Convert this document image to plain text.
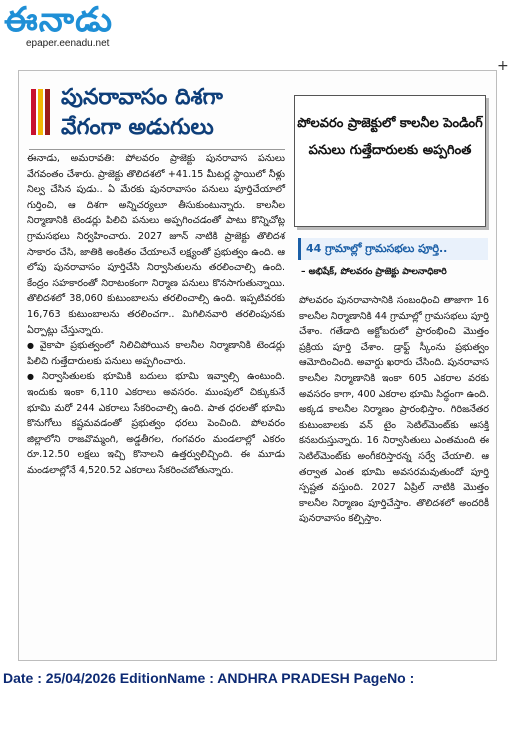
ఈనాడు
epaper.eenadu.net
+
పునరావాసం దిశగా
వేగంగా అడుగులు

ఈనాడు, అమరావతి: పోలవరం ప్రాజెక్టు పునరావాస పనులు వేగవంతం చేశారు. ప్రాజెక్టు తొలిదశలో +41.15 మీటర్ల స్థాయిలో నీళ్లు నిల్వ చేసిన పుడు.. ఏ మేరకు పునరావాసం పనులు పూర్తిచేయాలో గుర్తించి, ఆ దిశగా అన్నిచర్యలూ తీసుకుంటున్నారు. కాలనీల నిర్మాణానికి టెండర్లు పిలిచి పనులు అప్పగించడంతో పాటు కొన్నిచోట్ల గ్రామసభలు నిర్వహించారు. 2027 జూన్ నాటికి ప్రాజెక్టు తొలిదశ సాకారం చేసి, జాతికి అంకితం చేయాలనే లక్ష్యంతో ప్రభుత్వం ఉంది. ఆ లోపు పునరావాసం పూర్తిచేసి నిర్వాసితులను తరలించాల్సి ఉంది. కేంద్రం సహకారంతో నిరాటంకంగా నిర్మాణ పనులు కొనసాగుతున్నాయి. తొలిదశలో 38,060 కుటుంబాలను తరలించాల్సి ఉంది. ఇప్పటివరకు 16,763 కుటుంబాలను తరలించగా.. మిగిలినవారి తరలింపునకు ఏర్పాట్లు చేస్తున్నారు.

● వైకాపా ప్రభుత్వంలో నిలిచిపోయిన కాలనీల నిర్మాణానికి టెండర్లు పిలిచి గుత్తేదారులకు పనులు అప్పగించారు.

● నిర్వాసితులకు భూమికి బదులు భూమి ఇవ్వాల్సి ఉంటుంది. ఇందుకు ఇంకా 6,110 ఎకరాలు అవసరం. ముంపులో చిక్కుకునే భూమి మరో 244 ఎకరాలు సేకరించాల్సి ఉంది. పాత ధరలతో భూమి కొనుగోలు కష్టమవడంతో ప్రభుత్వం ధరలు పెంచింది. పోలవరం జిల్లాలోని రాజవొమ్మంగి, అడ్డతీగల, గంగవరం మండలాల్లో ఎకరం రూ.12.50 లక్షలు ఇచ్చి కొనాలని ఉత్తర్వులిచ్చింది. ఈ మూడు మండలాల్లోనే 4,520.52 ఎకరాలు సేకరించబోతున్నారు.

పోలవరం ప్రాజెక్టులో కాలనీల పెండింగ్ పనులు గుత్తేదారులకు అప్పగింత
44 గ్రామాల్లో గ్రామసభలు పూర్తి..
– అభిషేక్, పోలవరం ప్రాజెక్టు పాలనాధికారి

పోలవరం పునరావాసానికి సంబంధించి తాజాగా 16 కాలనీల నిర్మాణానికి 44 గ్రామాల్లో గ్రామసభలు పూర్తి చేశాం. గతేడాది అక్టోబరులో ప్రారంభించి మొత్తం ప్రక్రియ పూర్తి చేశాం. డ్రాఫ్ట్ స్కీంను ప్రభుత్వం ఆమోదించింది. అవార్డు ఖరారు చేసింది. పునరావాస కాలనీల నిర్మాణానికి ఇంకా 605 ఎకరాల వరకు అవసరం కాగా, 400 ఎకరాల భూమి సిద్ధంగా ఉంది. అక్కడ కాలనీల నిర్మాణం ప్రారంభిస్తాం. గిరిజనేతర కుటుంబాలకు వన్ టైం సెటిల్‌మెంట్‌కు ఆసక్తి కనబరుస్తున్నారు. 16 నిర్వాసితులు ఎంతమంది ఈ సెటిల్‌మెంట్‌కు అంగీకరిస్తారన్న సర్వే చేయాలి. ఆ తర్వాత ఎంత భూమి అవసరమవుతుందో పూర్తి స్పష్టత వస్తుంది. 2027 ఏప్రిల్ నాటికి మొత్తం కాలనీల నిర్మాణం పూర్తిచేస్తాం. తొలిదశలో అందరికీ పునరావాసం కల్పిస్తాం.

Date : 25/04/2026 EditionName : ANDHRA PRADESH PageNo :
